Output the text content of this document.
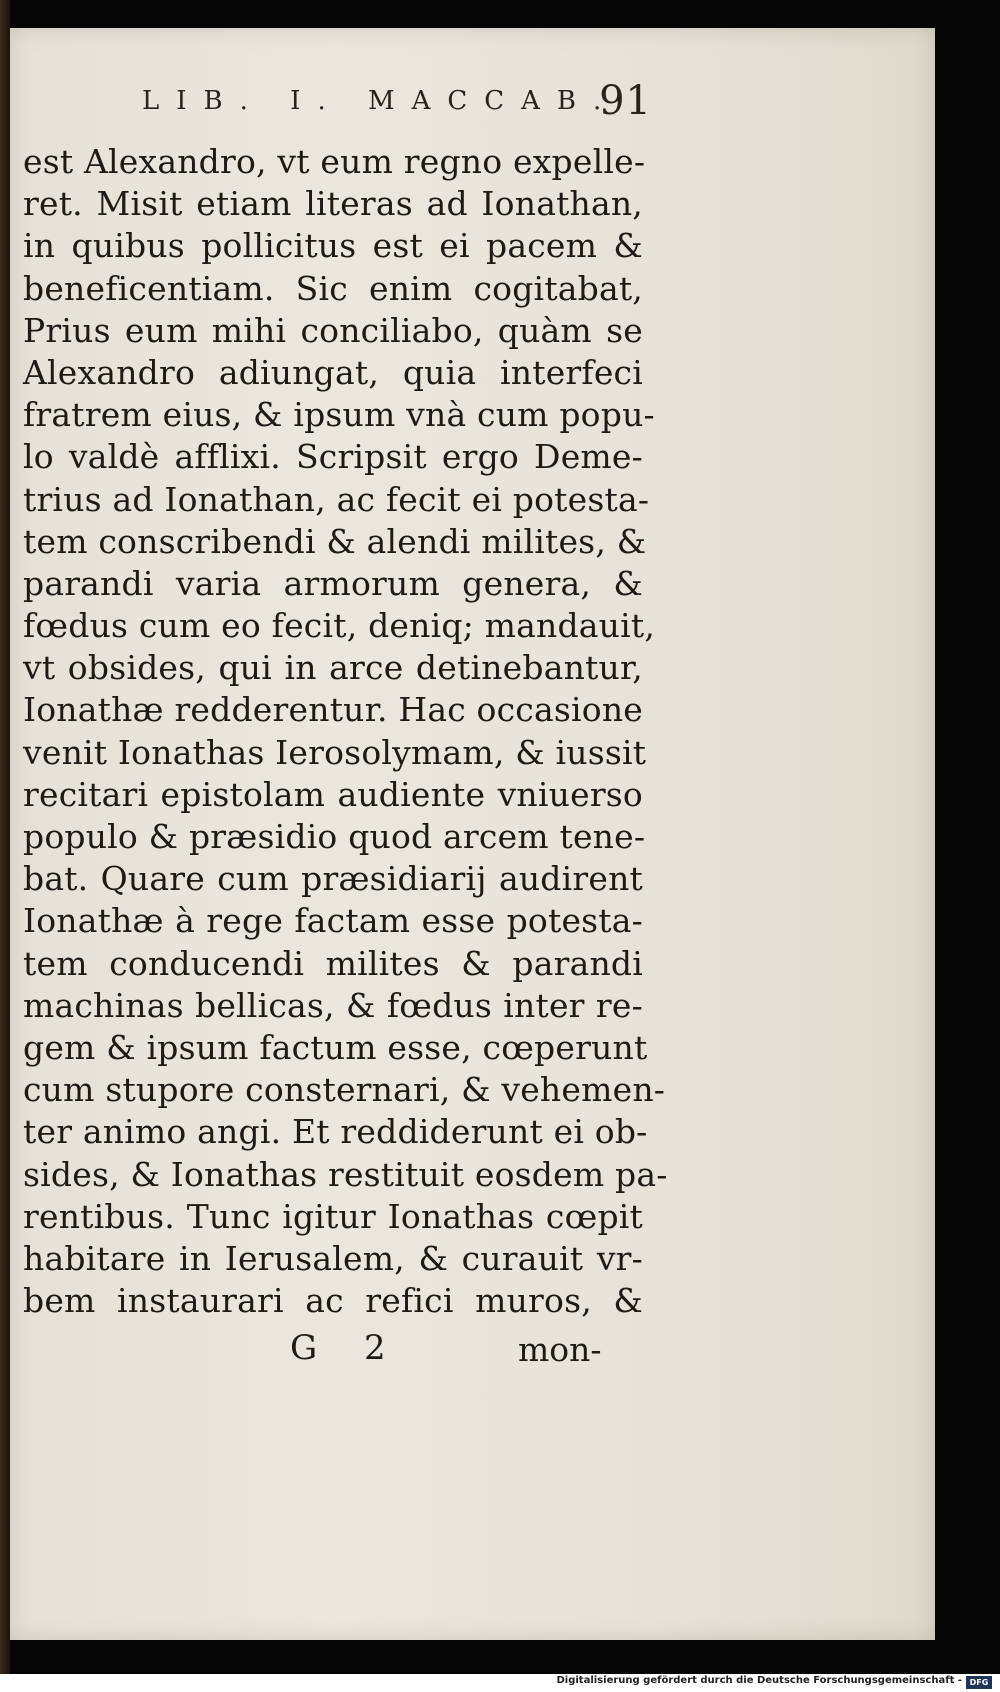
LIB. I. MACCAB.
91
est Alexandro, vt eum regno expelle-
ret. Misit etiam literas ad Ionathan,
in quibus pollicitus est ei pacem &
beneficentiam. Sic enim cogitabat,
Prius eum mihi conciliabo, quàm se
Alexandro adiungat, quia interfeci
fratrem eius, & ipsum vnà cum popu-
lo valdè afflixi. Scripsit ergo Deme-
trius ad Ionathan, ac fecit ei potesta-
tem conscribendi & alendi milites, &
parandi varia armorum genera, &
fœdus cum eo fecit, deniq; mandauit,
vt obsides, qui in arce detinebantur,
Ionathæ redderentur. Hac occasione
venit Ionathas Ierosolymam, & iussit
recitari epistolam audiente vniuerso
populo & præsidio quod arcem tene-
bat. Quare cum præsidiarij audirent
Ionathæ à rege factam esse potesta-
tem conducendi milites & parandi
machinas bellicas, & fœdus inter re-
gem & ipsum factum esse, cœperunt
cum stupore consternari, & vehemen-
ter animo angi. Et reddiderunt ei ob-
sides, & Ionathas restituit eosdem pa-
rentibus. Tunc igitur Ionathas cœpit
habitare in Ierusalem, & curauit vr-
bem instaurari ac refici muros, &
G 2	mon-
Digitalisierung gefördert durch die Deutsche Forschungsgemeinschaft - DFG
